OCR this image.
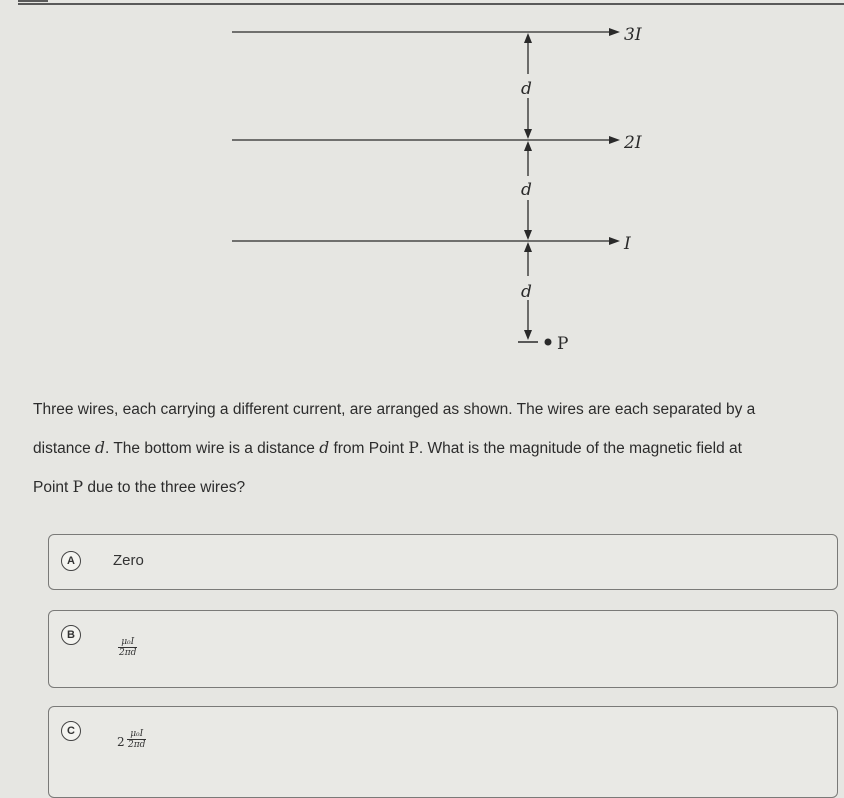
3I
2I
I
d
d
d
P

Three wires, each carrying a different current, are arranged as shown. The wires are each separated by a

distance d. The bottom wire is a distance d from Point P. What is the magnitude of the magnetic field at

Point P due to the three wires?

A	Zero
B
$\frac{\text{μ₀I}}{2\pi d}$
C
$2 \frac{\text{μ₀I}}{2\pi d}$
